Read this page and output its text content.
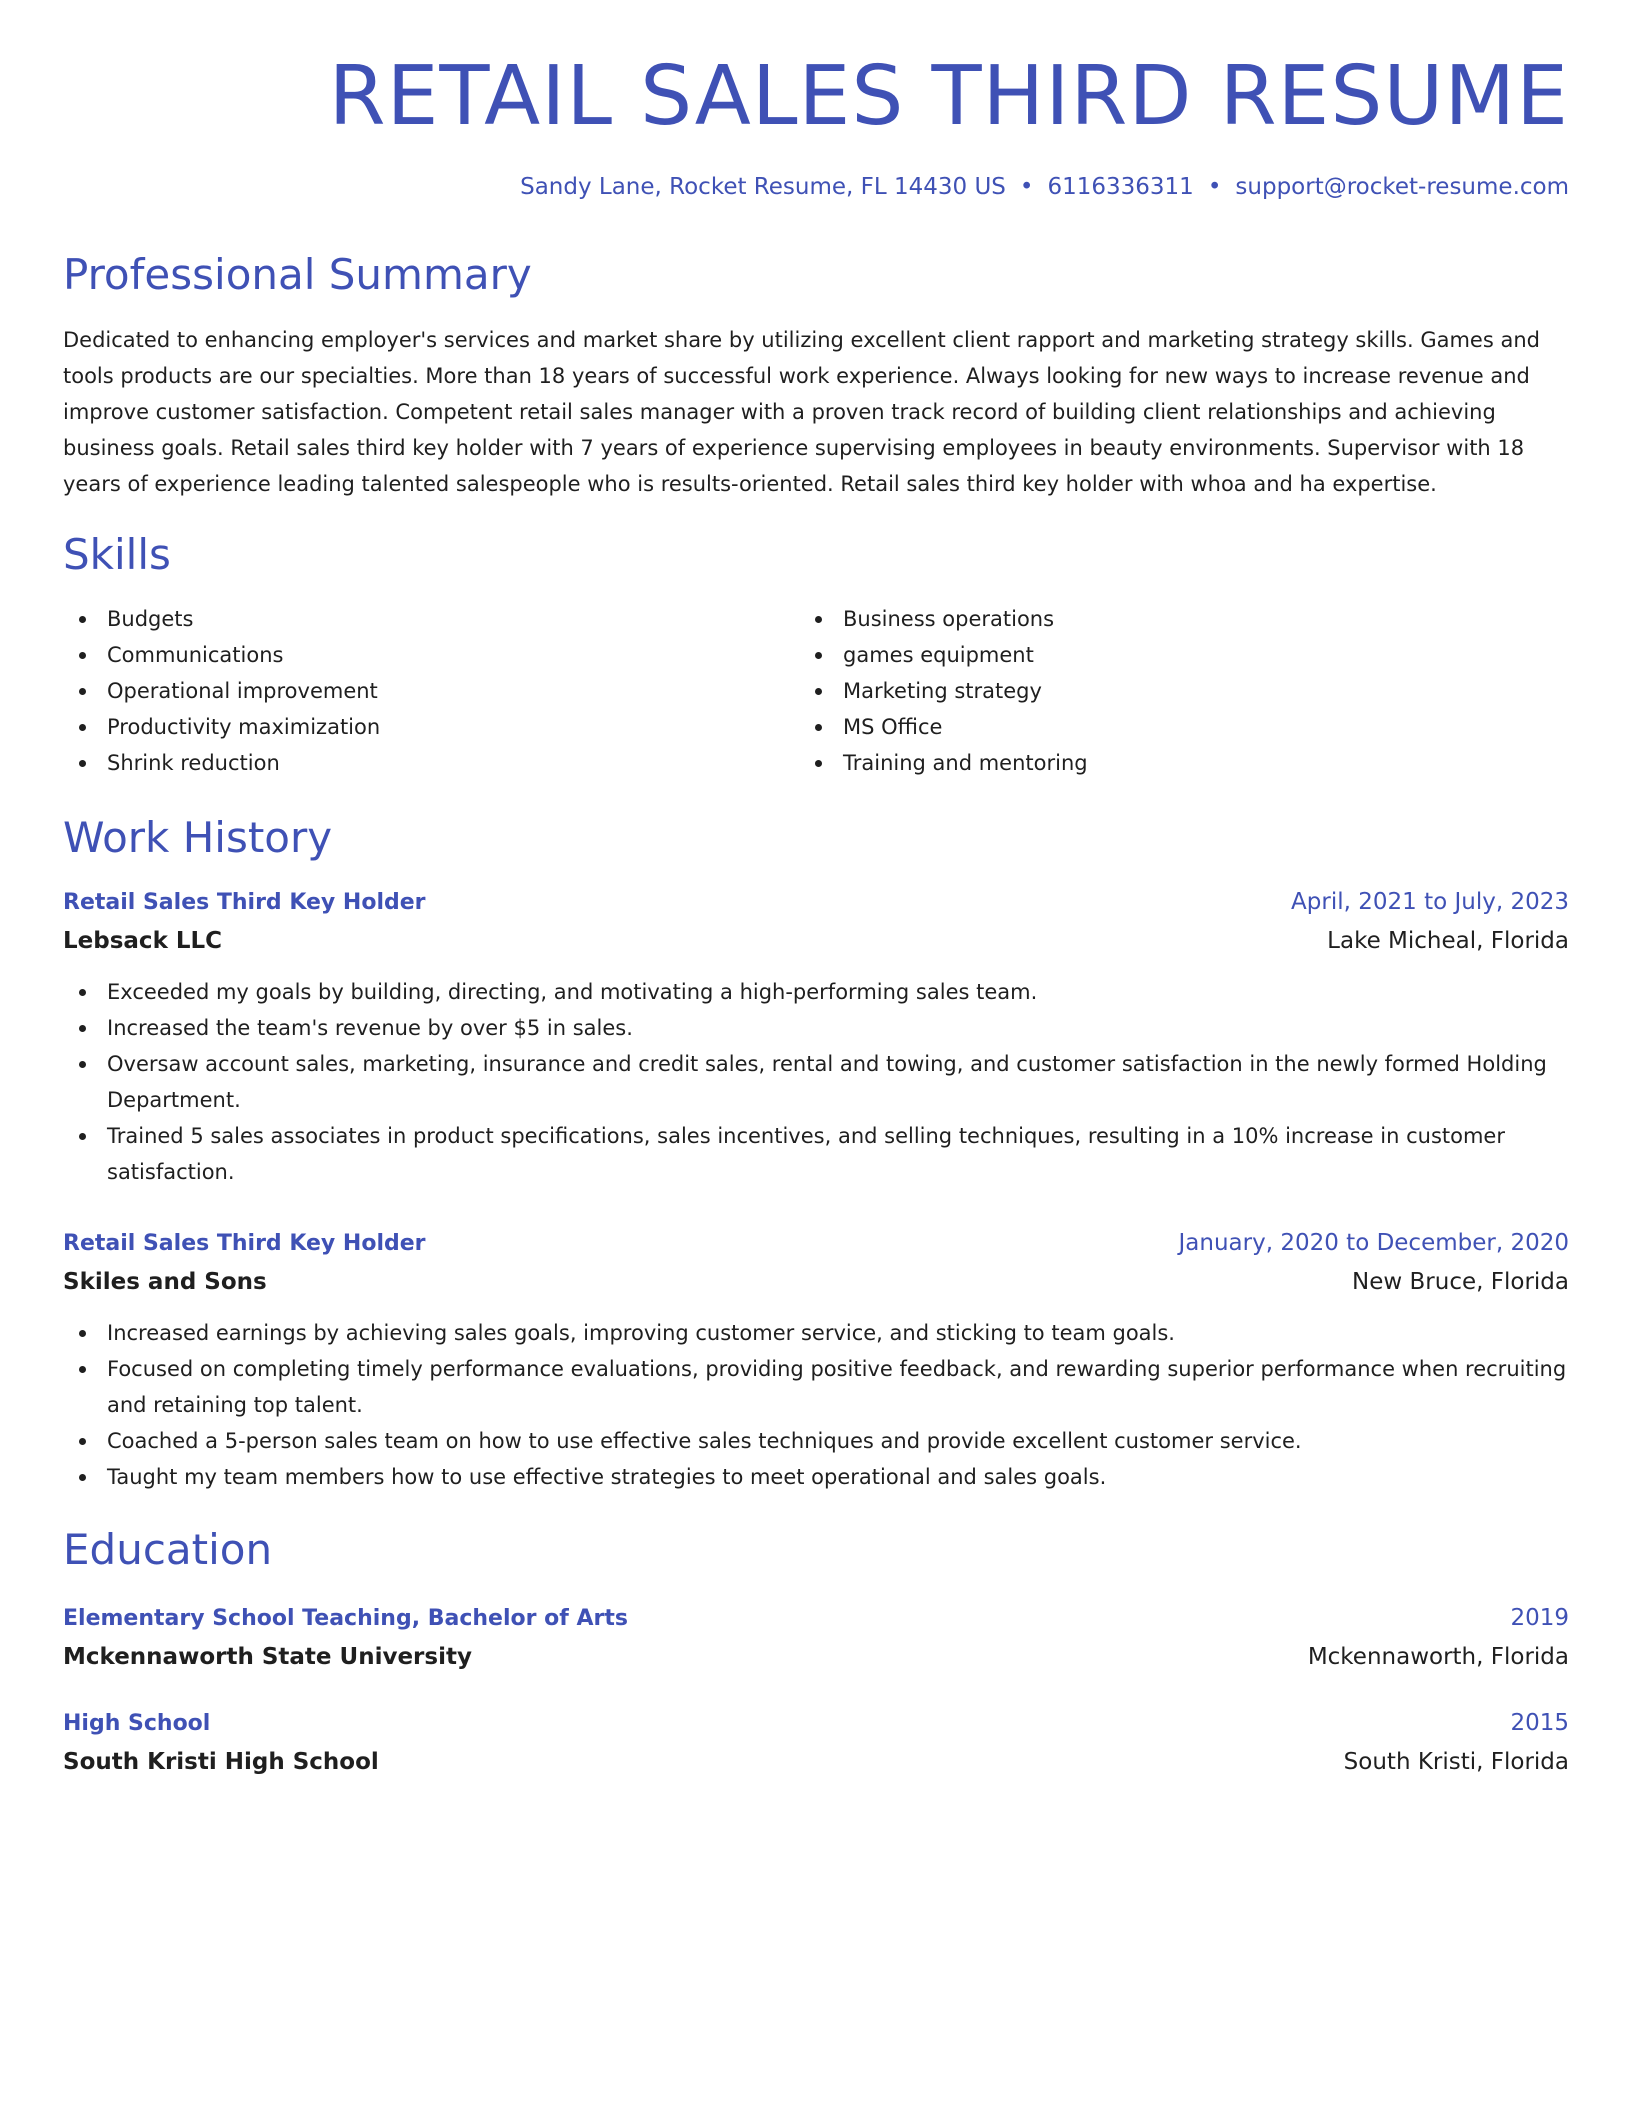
RETAIL SALES THIRD RESUME
Sandy Lane, Rocket Resume, FL 14430 US • 6116336311 • support@rocket-resume.com
Professional Summary
Dedicated to enhancing employer's services and market share by utilizing excellent client rapport and marketing strategy skills. Games and tools products are our specialties. More than 18 years of successful work experience. Always looking for new ways to increase revenue and improve customer satisfaction. Competent retail sales manager with a proven track record of building client relationships and achieving business goals. Retail sales third key holder with 7 years of experience supervising employees in beauty environments. Supervisor with 18 years of experience leading talented salespeople who is results-oriented. Retail sales third key holder with whoa and ha expertise.
Skills
Budgets
Communications
Operational improvement
Productivity maximization
Shrink reduction
Business operations
games equipment
Marketing strategy
MS Office
Training and mentoring
Work History
Retail Sales Third Key Holder	April, 2021 to July, 2023
Lebsack LLC	Lake Micheal, Florida
Exceeded my goals by building, directing, and motivating a high-performing sales team.
Increased the team's revenue by over $5 in sales.
Oversaw account sales, marketing, insurance and credit sales, rental and towing, and customer satisfaction in the newly formed Holding Department.
Trained 5 sales associates in product specifications, sales incentives, and selling techniques, resulting in a 10% increase in customer satisfaction.
Retail Sales Third Key Holder	January, 2020 to December, 2020
Skiles and Sons	New Bruce, Florida
Increased earnings by achieving sales goals, improving customer service, and sticking to team goals.
Focused on completing timely performance evaluations, providing positive feedback, and rewarding superior performance when recruiting and retaining top talent.
Coached a 5-person sales team on how to use effective sales techniques and provide excellent customer service.
Taught my team members how to use effective strategies to meet operational and sales goals.
Education
Elementary School Teaching, Bachelor of Arts	2019
Mckennaworth State University	Mckennaworth, Florida
High School	2015
South Kristi High School	South Kristi, Florida
